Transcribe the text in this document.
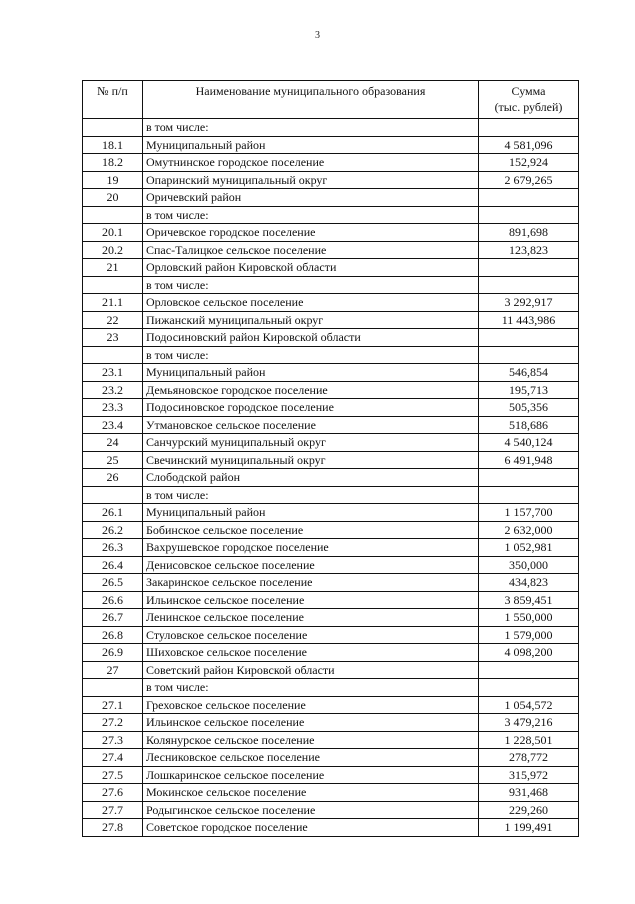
3
№ п/п	Наименование муниципального образования	Сумма
(тыс. рублей)
	в том числе:	
18.1	Муниципальный район	4 581,096
18.2	Омутнинское городское поселение	152,924
19	Опаринский муниципальный округ	2 679,265
20	Оричевский район	
	в том числе:	
20.1	Оричевское городское поселение	891,698
20.2	Спас-Талицкое сельское поселение	123,823
21	Орловский район Кировской области	
	в том числе:	
21.1	Орловское сельское поселение	3 292,917
22	Пижанский муниципальный округ	11 443,986
23	Подосиновский район Кировской области	
	в том числе:	
23.1	Муниципальный район	546,854
23.2	Демьяновское городское поселение	195,713
23.3	Подосиновское городское поселение	505,356
23.4	Утмановское сельское поселение	518,686
24	Санчурский муниципальный округ	4 540,124
25	Свечинский муниципальный округ	6 491,948
26	Слободской район	
	в том числе:	
26.1	Муниципальный район	1 157,700
26.2	Бобинское сельское поселение	2 632,000
26.3	Вахрушевское городское поселение	1 052,981
26.4	Денисовское сельское поселение	350,000
26.5	Закаринское сельское поселение	434,823
26.6	Ильинское сельское поселение	3 859,451
26.7	Ленинское сельское поселение	1 550,000
26.8	Стуловское сельское поселение	1 579,000
26.9	Шиховское сельское поселение	4 098,200
27	Советский район Кировской области	
	в том числе:	
27.1	Греховское сельское поселение	1 054,572
27.2	Ильинское сельское поселение	3 479,216
27.3	Колянурское сельское поселение	1 228,501
27.4	Лесниковское сельское поселение	278,772
27.5	Лошкаринское сельское поселение	315,972
27.6	Мокинское сельское поселение	931,468
27.7	Родыгинское сельское поселение	229,260
27.8	Советское городское поселение	1 199,491
